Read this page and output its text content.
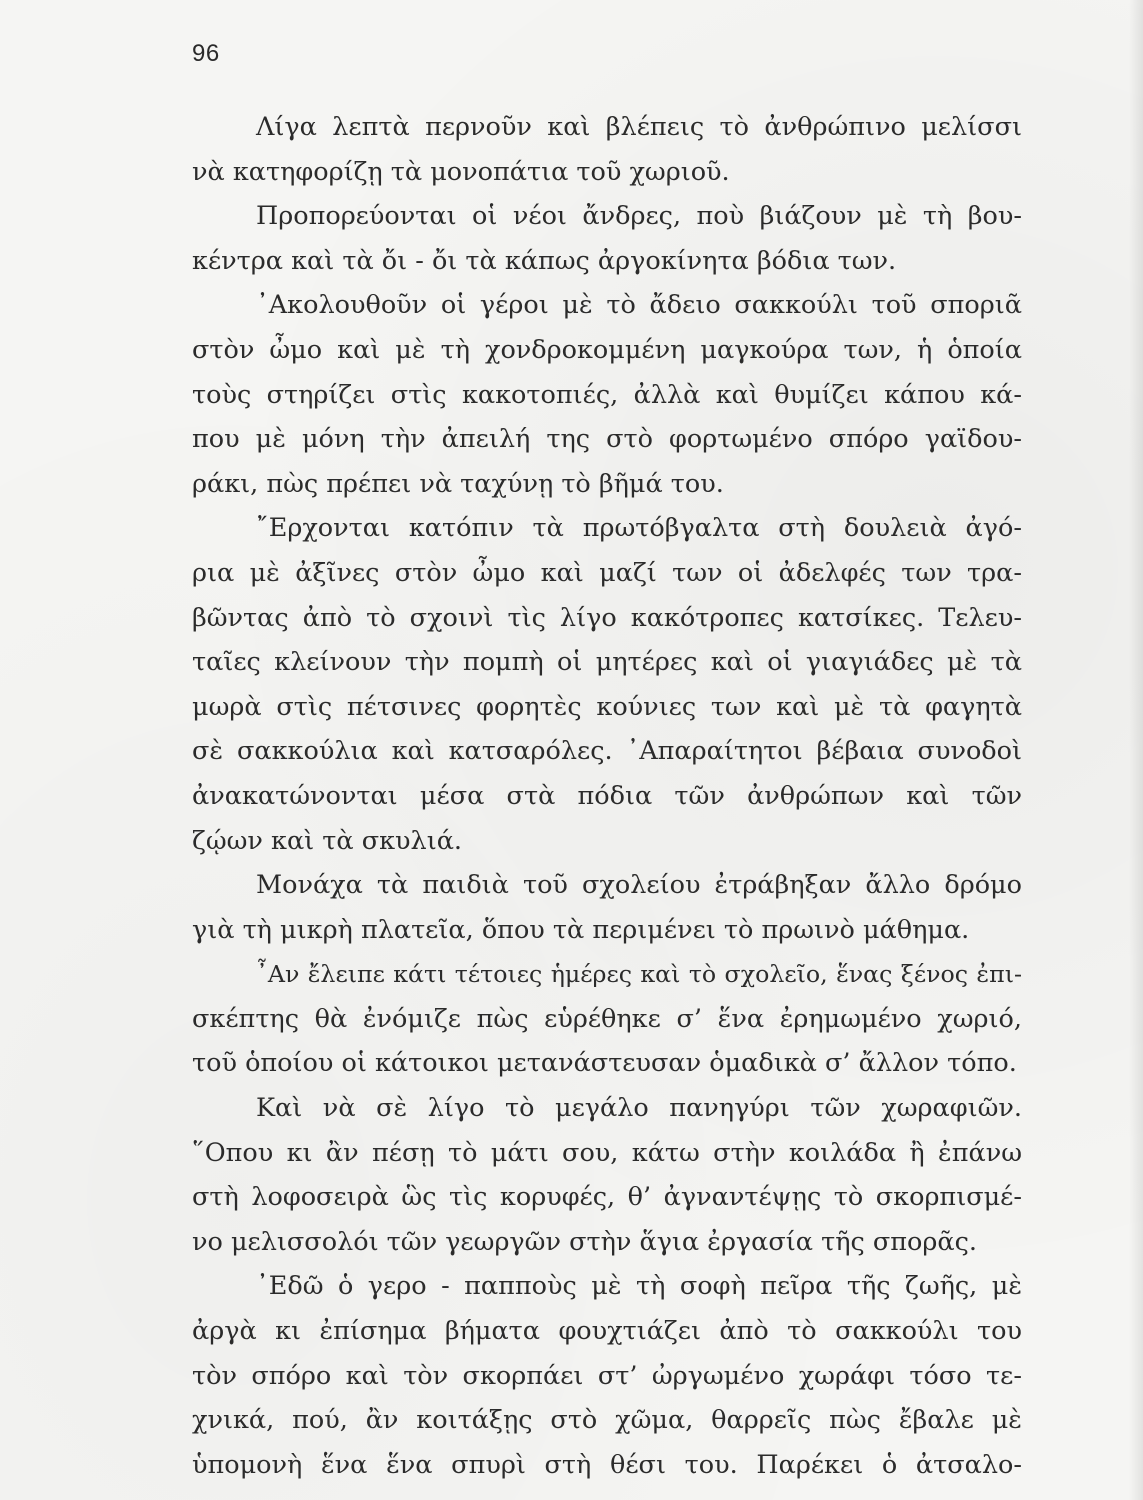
96
Λίγα λεπτὰ περνοῦν καὶ βλέπεις τὸ ἀνθρώπινο μελίσσι
νὰ κατηφορίζῃ τὰ μονοπάτια τοῦ χωριοῦ.
Προπορεύονται οἱ νέοι ἄνδρες, ποὺ βιάζουν μὲ τὴ βου-
κέντρα καὶ τὰ ὄι - ὄι τὰ κάπως ἀργοκίνητα βόδια των.
᾿Ακολουθοῦν οἱ γέροι μὲ τὸ ἄδειο σακκούλι τοῦ σποριᾶ
στὸν ὦμο καὶ μὲ τὴ χονδροκομμένη μαγκούρα των, ἡ ὁποία
τοὺς στηρίζει στὶς κακοτοπιές, ἀλλὰ καὶ θυμίζει κάπου κά-
που μὲ μόνη τὴν ἀπειλή της στὸ φορτωμένο σπόρο γαϊδου-
ράκι, πὼς πρέπει νὰ ταχύνῃ τὸ βῆμά του.
῎Ερχονται κατόπιν τὰ πρωτόβγαλτα στὴ δουλειὰ ἀγό-
ρια μὲ ἀξῖνες στὸν ὦμο καὶ μαζί των οἱ ἀδελφές των τρα-
βῶντας ἀπὸ τὸ σχοινὶ τὶς λίγο κακότροπες κατσίκες. Τελευ-
ταῖες κλείνουν τὴν πομπὴ οἱ μητέρες καὶ οἱ γιαγιάδες μὲ τὰ
μωρὰ στὶς πέτσινες φορητὲς κούνιες των καὶ μὲ τὰ φαγητὰ
σὲ σακκούλια καὶ κατσαρόλες. ᾿Απαραίτητοι βέβαια συνοδοὶ
ἀνακατώνονται μέσα στὰ πόδια τῶν ἀνθρώπων καὶ τῶν
ζῴων καὶ τὰ σκυλιά.
Μονάχα τὰ παιδιὰ τοῦ σχολείου ἐτράβηξαν ἄλλο δρόμο
γιὰ τὴ μικρὴ πλατεῖα, ὅπου τὰ περιμένει τὸ πρωινὸ μάθημα.
῏Αν ἔλειπε κάτι τέτοιες ἡμέρες καὶ τὸ σχολεῖο, ἕνας ξένος ἐπι-
σκέπτης θὰ ἐνόμιζε πὼς εὑρέθηκε σ’ ἕνα ἐρημωμένο χωριό,
τοῦ ὁποίου οἱ κάτοικοι μετανάστευσαν ὁμαδικὰ σ’ ἄλλον τόπο.
Καὶ νὰ σὲ λίγο τὸ μεγάλο πανηγύρι τῶν χωραφιῶν.
῞Οπου κι ἂν πέσῃ τὸ μάτι σου, κάτω στὴν κοιλάδα ἢ ἐπάνω
στὴ λοφοσειρὰ ὣς τὶς κορυφές, θ’ ἀγναντέψῃς τὸ σκορπισμέ-
νο μελισσολόι τῶν γεωργῶν στὴν ἅγια ἐργασία τῆς σπορᾶς.
᾿Εδῶ ὁ γερο - παπποὺς μὲ τὴ σοφὴ πεῖρα τῆς ζωῆς, μὲ
ἀργὰ κι ἐπίσημα βήματα φουχτιάζει ἀπὸ τὸ σακκούλι του
τὸν σπόρο καὶ τὸν σκορπάει στ’ ὠργωμένο χωράφι τόσο τε-
χνικά, πού, ἂν κοιτάξῃς στὸ χῶμα, θαρρεῖς πὼς ἔβαλε μὲ
ὑπομονὴ ἕνα ἕνα σπυρὶ στὴ θέσι του. Παρέκει ὁ ἀτσαλο-
